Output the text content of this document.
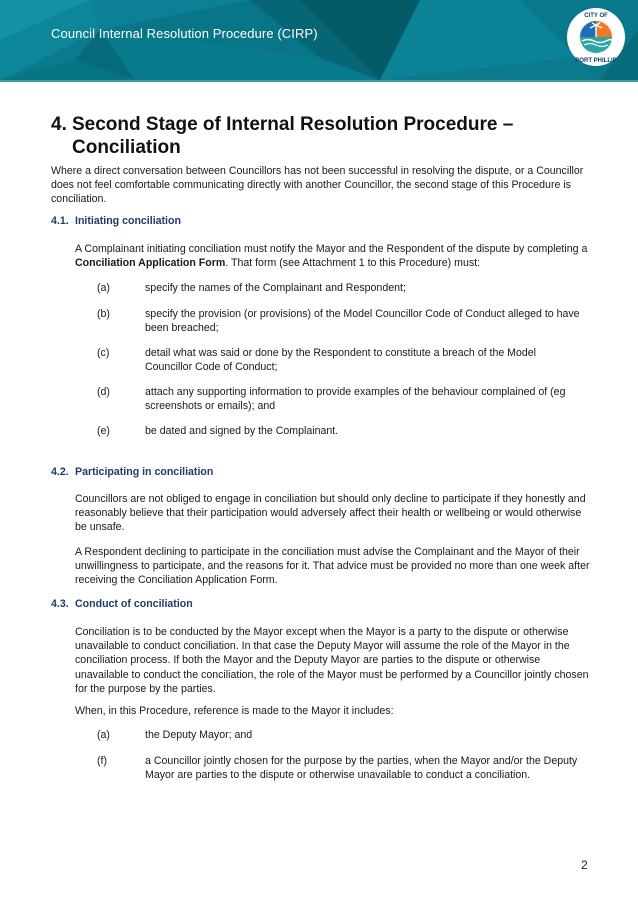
Council Internal Resolution Procedure (CIRP)
CITY OF
PORT PHILLIP
4. Second Stage of Internal Resolution Procedure –
Conciliation
Where a direct conversation between Councillors has not been successful in resolving the dispute, or a Councillor does not feel comfortable communicating directly with another Councillor, the second stage of this Procedure is conciliation.
4.1. Initiating conciliation
A Complainant initiating conciliation must notify the Mayor and the Respondent of the dispute by completing a Conciliation Application Form. That form (see Attachment 1 to this Procedure) must:
(a)	specify the names of the Complainant and Respondent;
(b)	specify the provision (or provisions) of the Model Councillor Code of Conduct alleged to have been breached;
(c)	detail what was said or done by the Respondent to constitute a breach of the Model Councillor Code of Conduct;
(d)	attach any supporting information to provide examples of the behaviour complained of (eg screenshots or emails); and
(e)	be dated and signed by the Complainant.
4.2. Participating in conciliation
Councillors are not obliged to engage in conciliation but should only decline to participate if they honestly and reasonably believe that their participation would adversely affect their health or wellbeing or would otherwise be unsafe.
A Respondent declining to participate in the conciliation must advise the Complainant and the Mayor of their unwillingness to participate, and the reasons for it. That advice must be provided no more than one week after receiving the Conciliation Application Form.
4.3. Conduct of conciliation
Conciliation is to be conducted by the Mayor except when the Mayor is a party to the dispute or otherwise unavailable to conduct conciliation. In that case the Deputy Mayor will assume the role of the Mayor in the conciliation process. If both the Mayor and the Deputy Mayor are parties to the dispute or otherwise unavailable to conduct the conciliation, the role of the Mayor must be performed by a Councillor jointly chosen for the purpose by the parties.
When, in this Procedure, reference is made to the Mayor it includes:
(a)	the Deputy Mayor; and
(f)	a Councillor jointly chosen for the purpose by the parties, when the Mayor and/or the Deputy Mayor are parties to the dispute or otherwise unavailable to conduct a conciliation.
2
